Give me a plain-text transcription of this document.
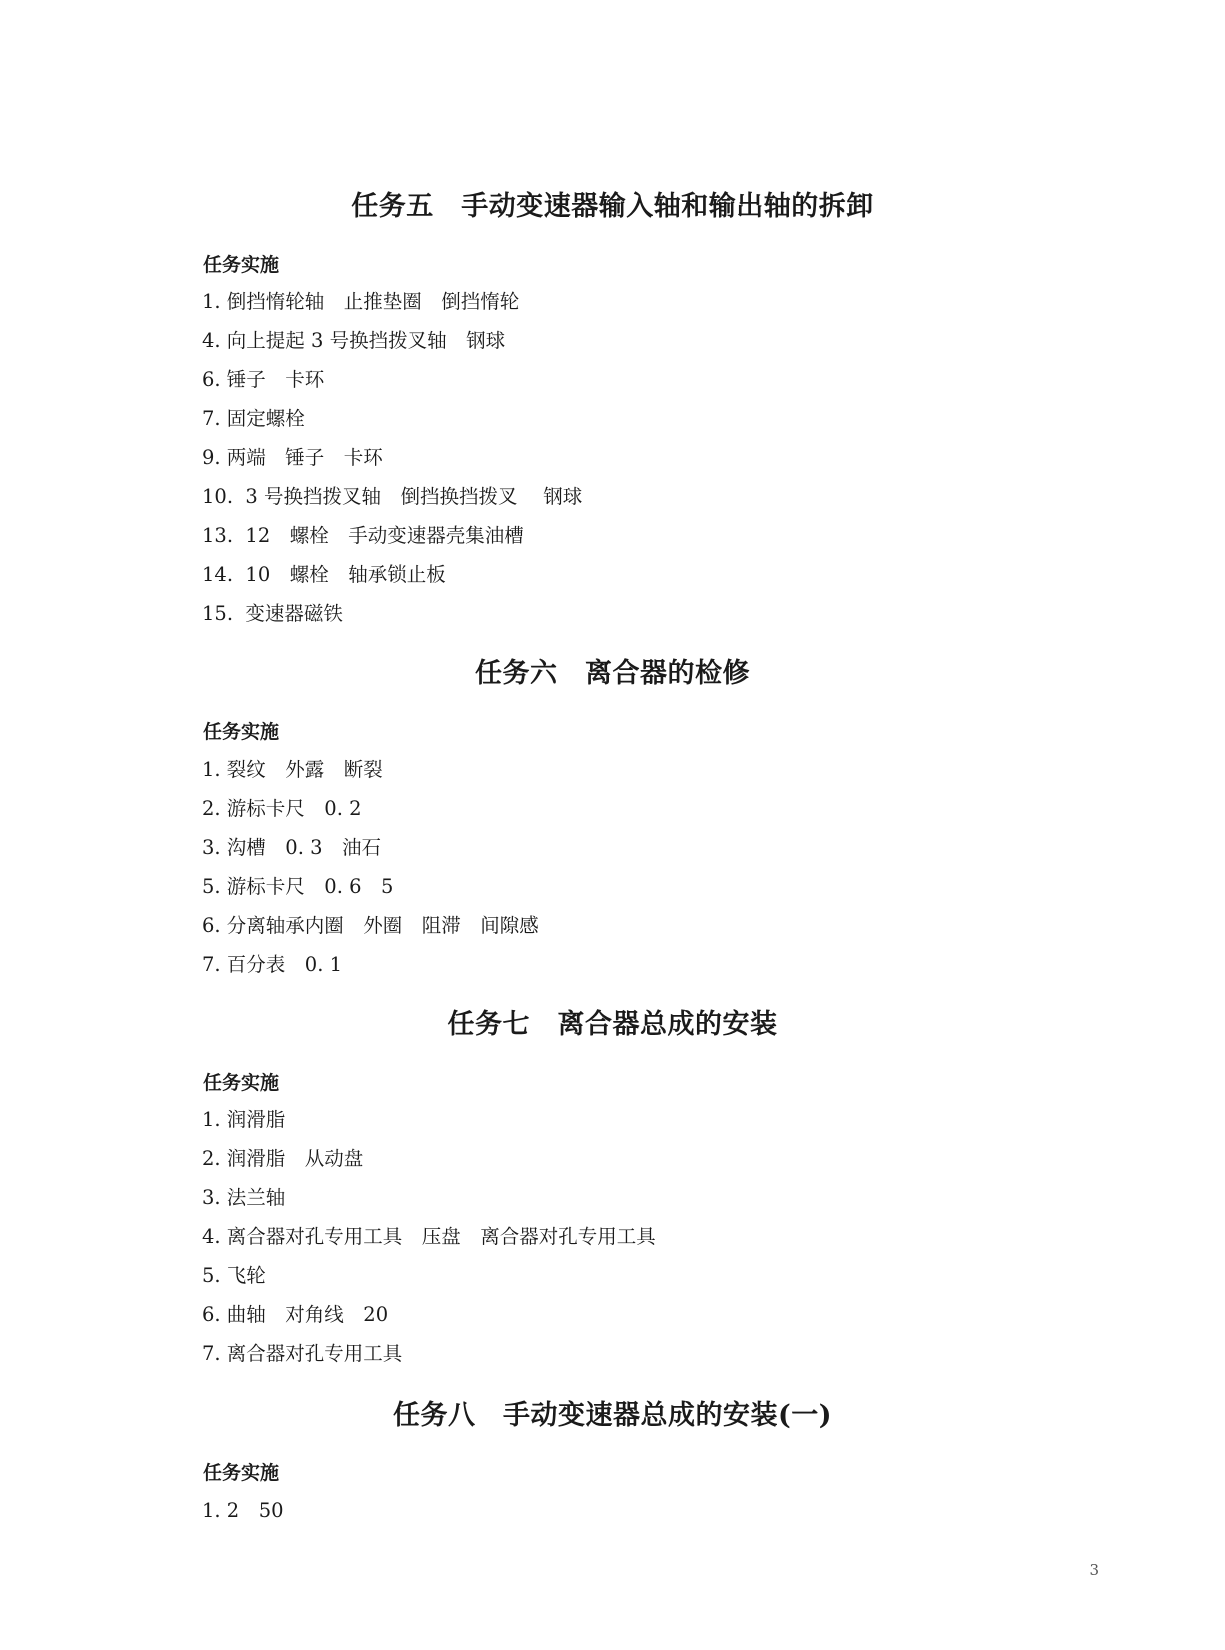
任务五　手动变速器输入轴和输出轴的拆卸
任务实施
1. 倒挡惰轮轴　止推垫圈　倒挡惰轮
4. 向上提起 3 号换挡拨叉轴　钢球
6. 锤子　卡环
7. 固定螺栓
9. 两端　锤子　卡环
10.  3 号换挡拨叉轴　倒挡换挡拨叉　 钢球
13.  12　螺栓　手动变速器壳集油槽
14.  10　螺栓　轴承锁止板
15.  变速器磁铁
任务六　离合器的检修
任务实施
1. 裂纹　外露　断裂
2. 游标卡尺　0. 2
3. 沟槽　0. 3　油石
5. 游标卡尺　0. 6　5
6. 分离轴承内圈　外圈　阻滞　间隙感
7. 百分表　0. 1
任务七　离合器总成的安装
任务实施
1. 润滑脂
2. 润滑脂　从动盘
3. 法兰轴
4. 离合器对孔专用工具　压盘　离合器对孔专用工具
5. 飞轮
6. 曲轴　对角线　20
7. 离合器对孔专用工具
任务八　手动变速器总成的安装(一)
任务实施
1. 2　50
3
